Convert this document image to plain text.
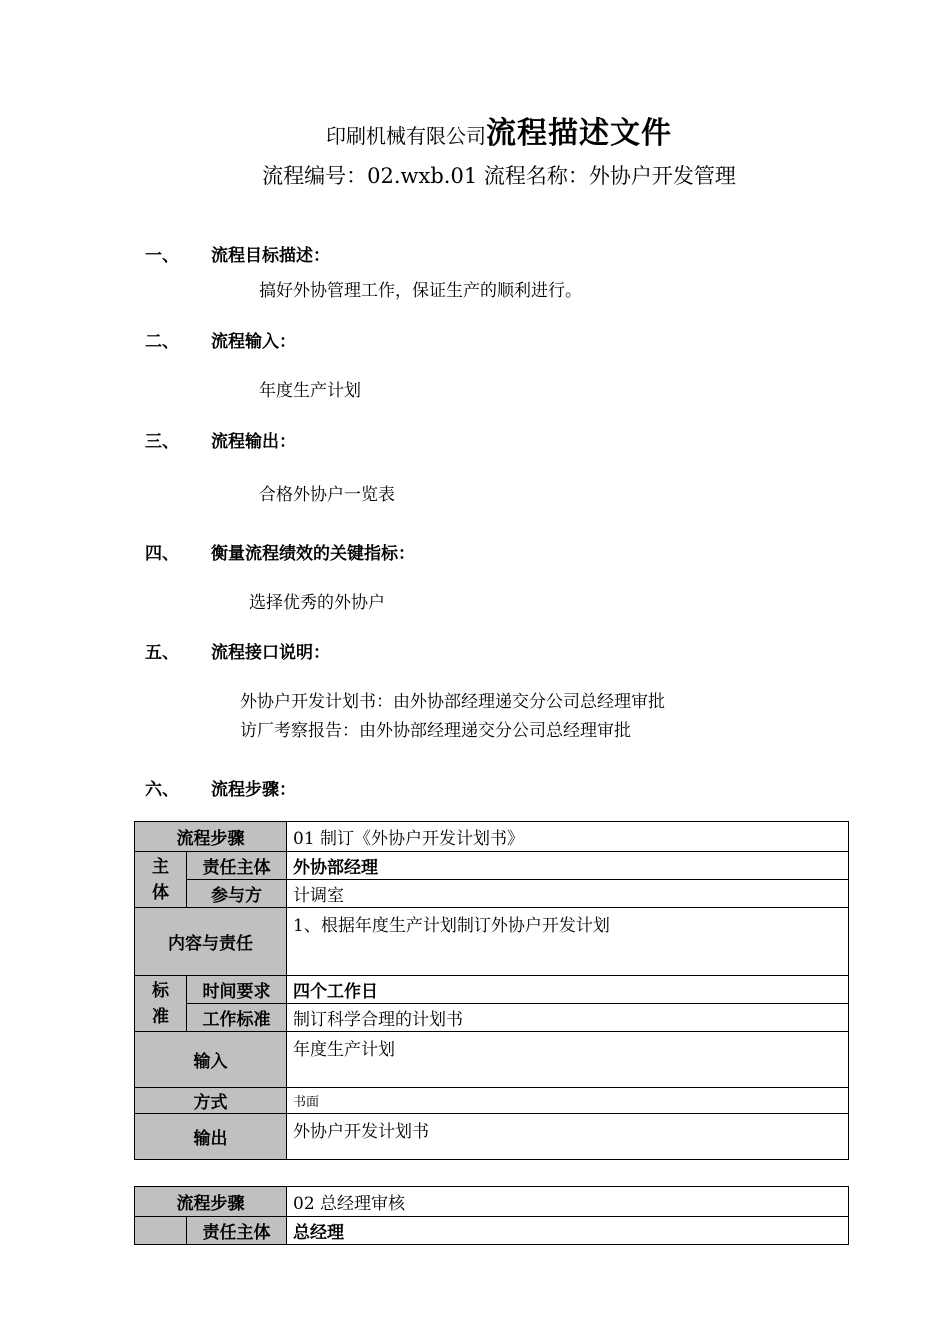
印刷机械有限公司流程描述文件
流程编号：02.wxb.01 流程名称：外协户开发管理
一、 流程目标描述：
搞好外协管理工作，保证生产的顺利进行。
二、 流程输入：
年度生产计划
三、 流程输出：
合格外协户一览表
四、 衡量流程绩效的关键指标：
选择优秀的外协户
五、 流程接口说明：
外协户开发计划书：由外协部经理递交分公司总经理审批
访厂考察报告：由外协部经理递交分公司总经理审批
六、 流程步骤：
流程步骤		01 制订《外协户开发计划书》
主体	责任主体	外协部经理
	参与方	计调室
内容与责任		1、根据年度生产计划制订外协户开发计划
标准	时间要求	四个工作日
	工作标准	制订科学合理的计划书
输入		年度生产计划
方式		书面
输出		外协户开发计划书
流程步骤		02 总经理审核
	责任主体	总经理
